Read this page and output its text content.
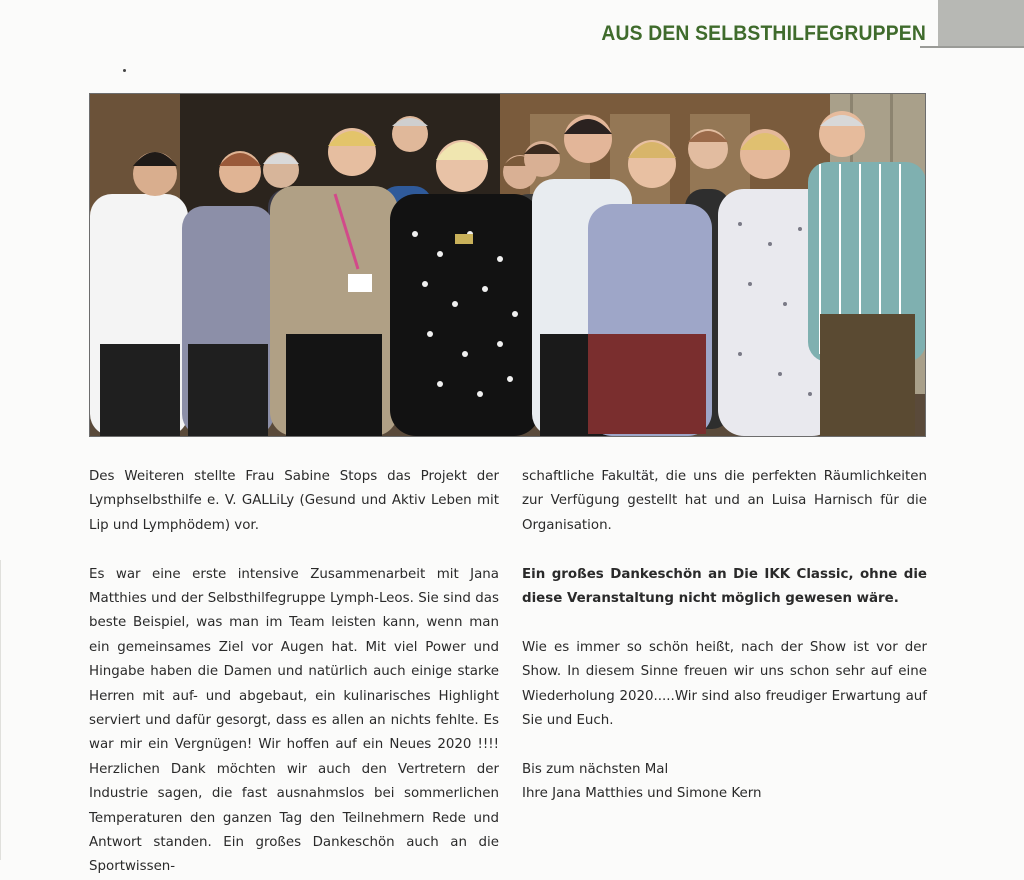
AUS DEN SELBSTHILFEGRUPPEN

Des Weiteren stellte Frau Sabine Stops das Projekt der Lymphselbsthilfe e. V. GALLiLy (Gesund und Aktiv Leben mit Lip und Lymphödem) vor.

Es war eine erste intensive Zusammenarbeit mit Jana Matthies und der Selbsthilfegruppe Lymph-Leos. Sie sind das beste Beispiel, was man im Team leisten kann, wenn man ein gemeinsames Ziel vor Augen hat. Mit viel Power und Hingabe haben die Damen und natürlich auch einige starke Herren mit auf- und abgebaut, ein kulinarisches Highlight serviert und dafür gesorgt, dass es allen an nichts fehlte. Es war mir ein Vergnügen! Wir hoffen auf ein Neues 2020 !!!! Herzlichen Dank möchten wir auch den Vertretern der Industrie sagen, die fast ausnahmslos bei sommerlichen Temperaturen den ganzen Tag den Teilnehmern Rede und Antwort standen. Ein großes Dankeschön auch an die Sportwissen-

schaftliche Fakultät, die uns die perfekten Räumlichkeiten zur Verfügung gestellt hat und an Luisa Harnisch für die Organisation.

Ein großes Dankeschön an Die IKK Classic, ohne die diese Veranstaltung nicht möglich gewesen wäre.

Wie es immer so schön heißt, nach der Show ist vor der Show. In diesem Sinne freuen wir uns schon sehr auf eine Wiederholung 2020.....Wir sind also freudiger Erwartung auf Sie und Euch.

Bis zum nächsten Mal
Ihre Jana Matthies und Simone Kern
